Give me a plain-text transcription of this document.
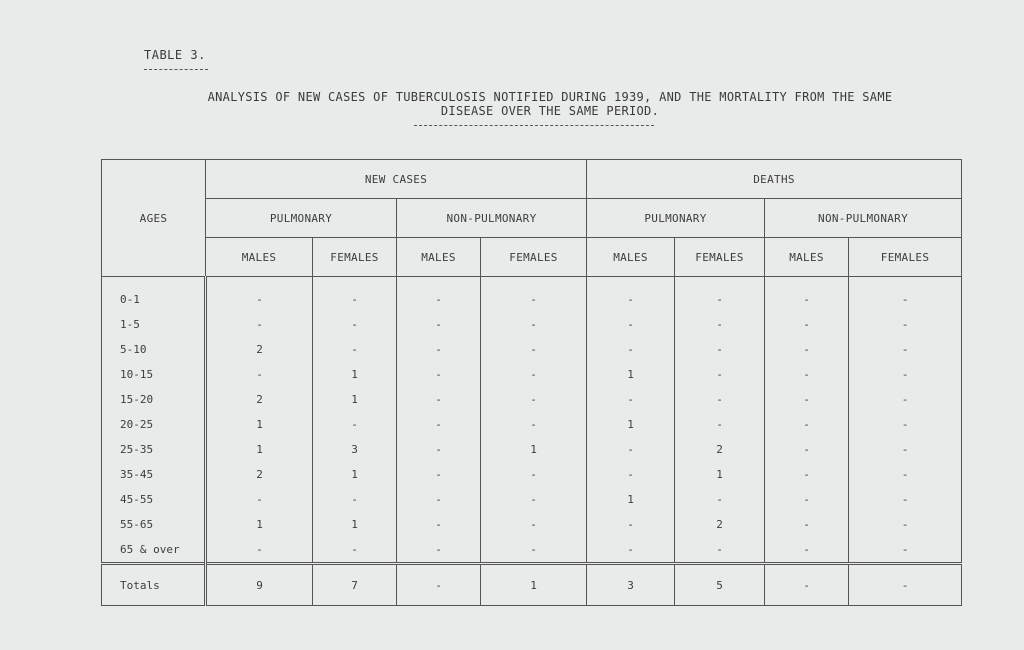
TABLE 3.
ANALYSIS OF NEW CASES OF TUBERCULOSIS NOTIFIED DURING 1939, AND THE MORTALITY FROM THE SAME
DISEASE OVER THE SAME PERIOD.
AGES	NEW CASES				DEATHS			
	PULMONARY		NON-PULMONARY		PULMONARY		NON-PULMONARY	
	MALES	FEMALES	MALES	FEMALES	MALES	FEMALES	MALES	FEMALES

0-1	-	-	-	-	-	-	-	-
1-5	-	-	-	-	-	-	-	-
5-10	2	-	-	-	-	-	-	-
10-15	-	1	-	-	1	-	-	-
15-20	2	1	-	-	-	-	-	-
20-25	1	-	-	-	1	-	-	-
25-35	1	3	-	1	-	2	-	-
35-45	2	1	-	-	-	1	-	-
45-55	-	-	-	-	1	-	-	-
55-65	1	1	-	-	-	2	-	-
65 & over	-	-	-	-	-	-	-	-
Totals	9	7	-	1	3	5	-	-
